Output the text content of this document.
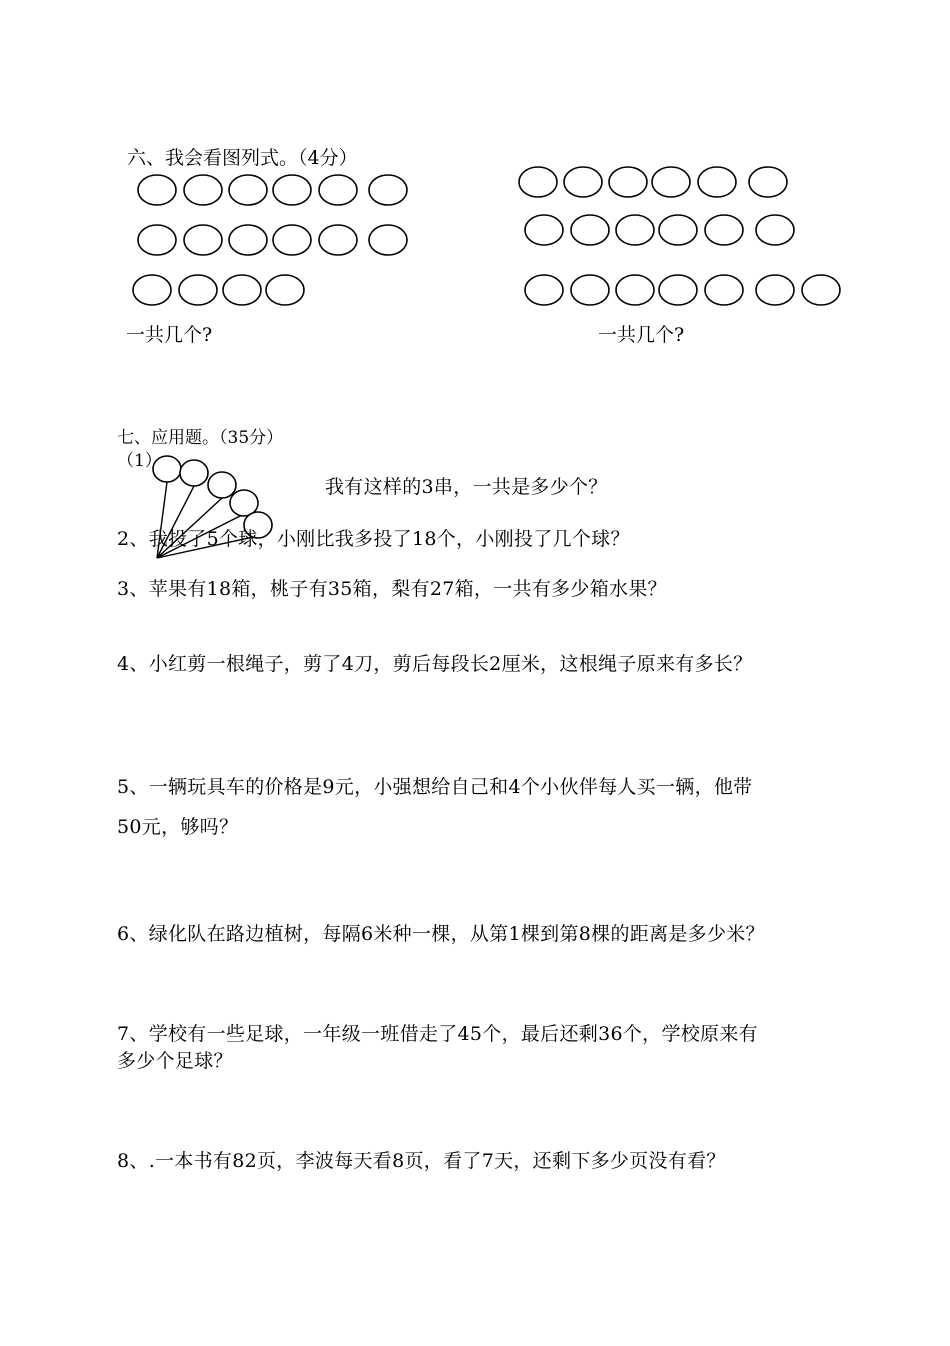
六、我会看图列式。（4分）
一共几个?	一共几个?
七、应用题。（35分）
（1）
我有这样的3串，一共是多少个？
2、我投了5个球，小刚比我多投了18个，小刚投了几个球？
3、苹果有18箱，桃子有35箱，梨有27箱，一共有多少箱水果？
4、小红剪一根绳子，剪了4刀，剪后每段长2厘米，这根绳子原来有多长？
5、一辆玩具车的价格是9元，小强想给自己和4个小伙伴每人买一辆，他带
50元，够吗？
6、绿化队在路边植树，每隔6米种一棵，从第1棵到第8棵的距离是多少米？
7、学校有一些足球，一年级一班借走了45个，最后还剩36个，学校原来有
多少个足球？
8、.一本书有82页，李波每天看8页，看了7天，还剩下多少页没有看？
